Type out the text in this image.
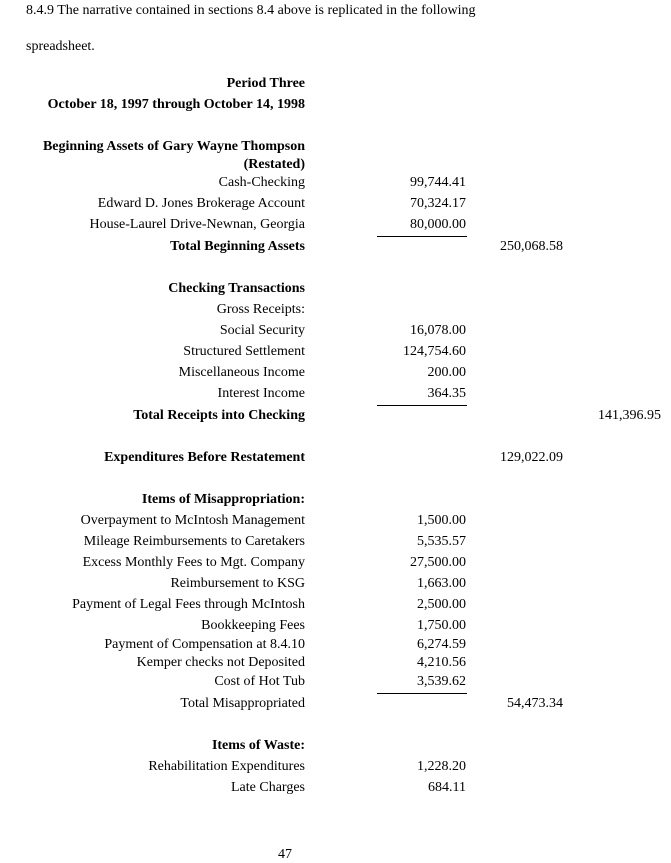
8.4.9 The narrative contained in sections 8.4 above is replicated in the following
spreadsheet.
Period Three
October 18, 1997 through October 14, 1998
Beginning Assets of Gary Wayne Thompson
(Restated)
Cash-Checking	99,744.41
Edward D. Jones Brokerage Account	70,324.17
House-Laurel Drive-Newnan, Georgia	80,000.00
Total Beginning Assets	250,068.58
Checking Transactions
Gross Receipts:
Social Security	16,078.00
Structured Settlement	124,754.60
Miscellaneous Income	200.00
Interest Income	364.35
Total Receipts into Checking	141,396.95
Expenditures Before Restatement	129,022.09
Items of Misappropriation:
Overpayment to McIntosh Management	1,500.00
Mileage Reimbursements to Caretakers	5,535.57
Excess Monthly Fees to Mgt. Company	27,500.00
Reimbursement to KSG	1,663.00
Payment of Legal Fees through McIntosh	2,500.00
Bookkeeping Fees	1,750.00
Payment of Compensation at 8.4.10	6,274.59
Kemper checks not Deposited	4,210.56
Cost of Hot Tub	3,539.62
Total Misappropriated	54,473.34
Items of Waste:
Rehabilitation Expenditures	1,228.20
Late Charges	684.11
47
